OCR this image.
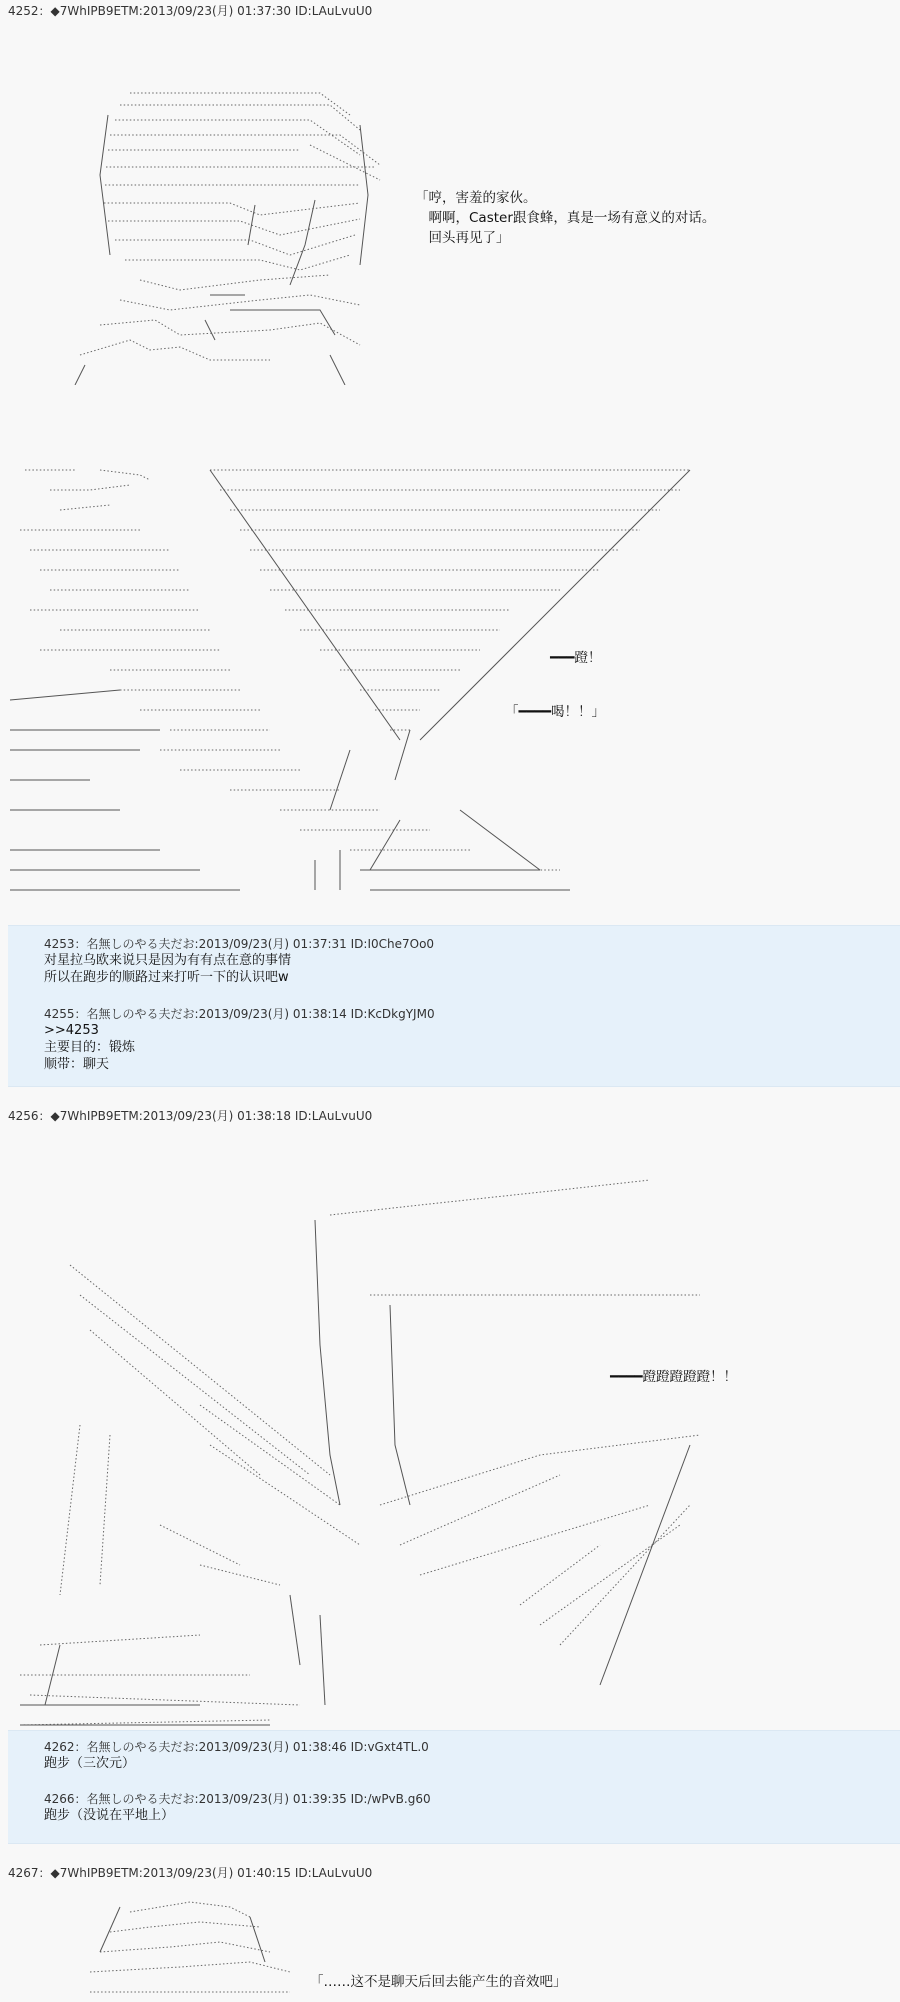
4252：◆7WhIPB9ETM:2013/09/23(月) 01:37:30 ID:LAuLvuU0
「哼，害羞的家伙。
　啊啊，Caster跟食蜂，真是一场有意义的对话。
　回头再见了」
━━━蹬！
「━━━━喝！！」
4253：名無しのやる夫だお:2013/09/23(月) 01:37:31 ID:I0Che7Oo0
对星拉乌欧来说只是因为有有点在意的事情
所以在跑步的顺路过来打听一下的认识吧w
4255：名無しのやる夫だお:2013/09/23(月) 01:38:14 ID:KcDkgYJM0
>>4253
主要目的：锻炼
顺带：聊天
4256：◆7WhIPB9ETM:2013/09/23(月) 01:38:18 ID:LAuLvuU0
━━━━蹬蹬蹬蹬蹬！！
4262：名無しのやる夫だお:2013/09/23(月) 01:38:46 ID:vGxt4TL.0
跑步（三次元）
4266：名無しのやる夫だお:2013/09/23(月) 01:39:35 ID:/wPvB.g60
跑步（没说在平地上）
4267：◆7WhIPB9ETM:2013/09/23(月) 01:40:15 ID:LAuLvuU0
「……这不是聊天后回去能产生的音效吧」
